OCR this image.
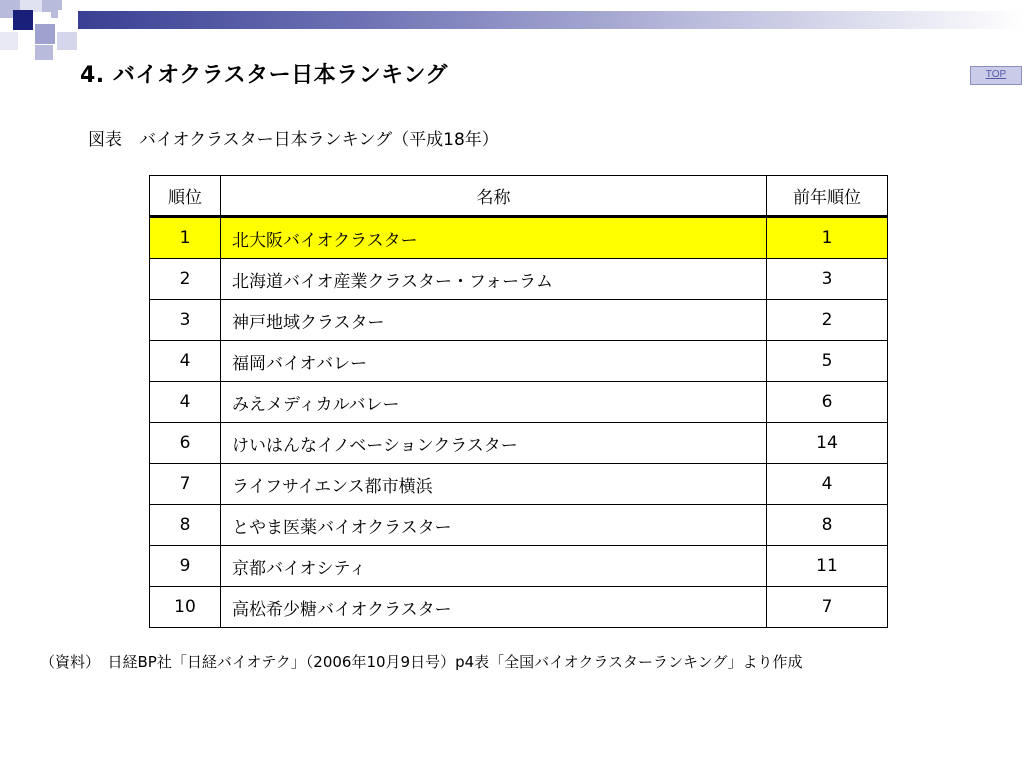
4. バイオクラスター日本ランキング	TOP
図表　バイオクラスター日本ランキング（平成18年）
順位	名称	前年順位
1	北大阪バイオクラスター	1
2	北海道バイオ産業クラスター・フォーラム	3
3	神戸地域クラスター	2
4	福岡バイオバレー	5
4	みえメディカルバレー	6
6	けいはんなイノベーションクラスター	14
7	ライフサイエンス都市横浜	4
8	とやま医薬バイオクラスター	8
9	京都バイオシティ	11
10	高松希少糖バイオクラスター	7
（資料）　日経BP社「日経バイオテク」（2006年10月9日号）p4表「全国バイオクラスターランキング」より作成
